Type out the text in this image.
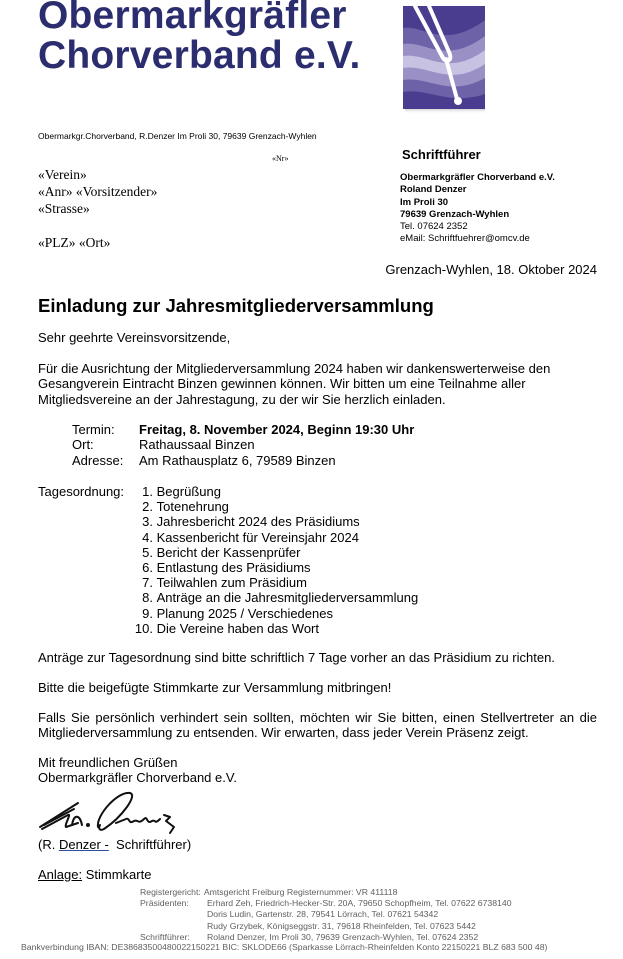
Obermarkgräfler
Chorverband e.V.
Obermarkgr.Chorverband, R.Denzer Im Proli 30, 79639 Grenzach-Wyhlen
«Nr»
«Verein»
«Anr» «Vorsitzender»
«Strasse»
«PLZ» «Ort»
Schriftführer
Obermarkgräfler Chorverband e.V.
Roland Denzer
Im Proli 30
79639 Grenzach-Wyhlen
Tel. 07624 2352
eMail: Schriftfuehrer@omcv.de
Grenzach-Wyhlen, 18. Oktober 2024
Einladung zur Jahresmitgliederversammlung
Sehr geehrte Vereinsvorsitzende,
Für die Ausrichtung der Mitgliederversammlung 2024 haben wir dankenswerterweise den Gesangverein Eintracht Binzen gewinnen können. Wir bitten um eine Teilnahme aller Mitgliedsvereine an der Jahrestagung, zu der wir Sie herzlich einladen.
Termin:	Freitag, 8. November 2024, Beginn 19:30 Uhr
Ort:	Rathaussaal Binzen
Adresse:	Am Rathausplatz 6, 79589 Binzen
Tagesordnung:	1.
Begrüßung
2.
Totenehrung
3.
Jahresbericht 2024 des Präsidiums
4.
Kassenbericht für Vereinsjahr 2024
5.
Bericht der Kassenprüfer
6.
Entlastung des Präsidiums
7.
Teilwahlen zum Präsidium
8.
Anträge an die Jahresmitgliederversammlung
9.
Planung 2025 / Verschiedenes
10.
Die Vereine haben das Wort
Anträge zur Tagesordnung sind bitte schriftlich 7 Tage vorher an das Präsidium zu richten.
Bitte die beigefügte Stimmkarte zur Versammlung mitbringen!
Falls Sie persönlich verhindert sein sollten, möchten wir Sie bitten, einen Stellvertreter an die Mitgliederversammlung zu entsenden. Wir erwarten, dass jeder Verein Präsenz zeigt.
Mit freundlichen Grüßen
Obermarkgräfler Chorverband e.V.
(R. Denzer -  Schriftführer)
Anlage: Stimmkarte
Registergericht: Amtsgericht Freiburg Registernummer: VR 411118
Präsidenten:	Erhard Zeh, Friedrich-Hecker-Str. 20A, 79650 Schopfheim, Tel. 07622 6738140
Doris Ludin, Gartenstr. 28, 79541 Lörrach, Tel. 07621 54342
Rudy Grzybek, Königseggstr. 31, 79618 Rheinfelden, Tel. 07623 5442
Schriftführer:	Roland Denzer, Im Proli 30, 79639 Grenzach-Wyhlen, Tel. 07624 2352
Bankverbindung IBAN: DE38683500480022150221 BIC: SKLODE66 (Sparkasse Lörrach-Rheinfelden Konto 22150221 BLZ 683 500 48)
